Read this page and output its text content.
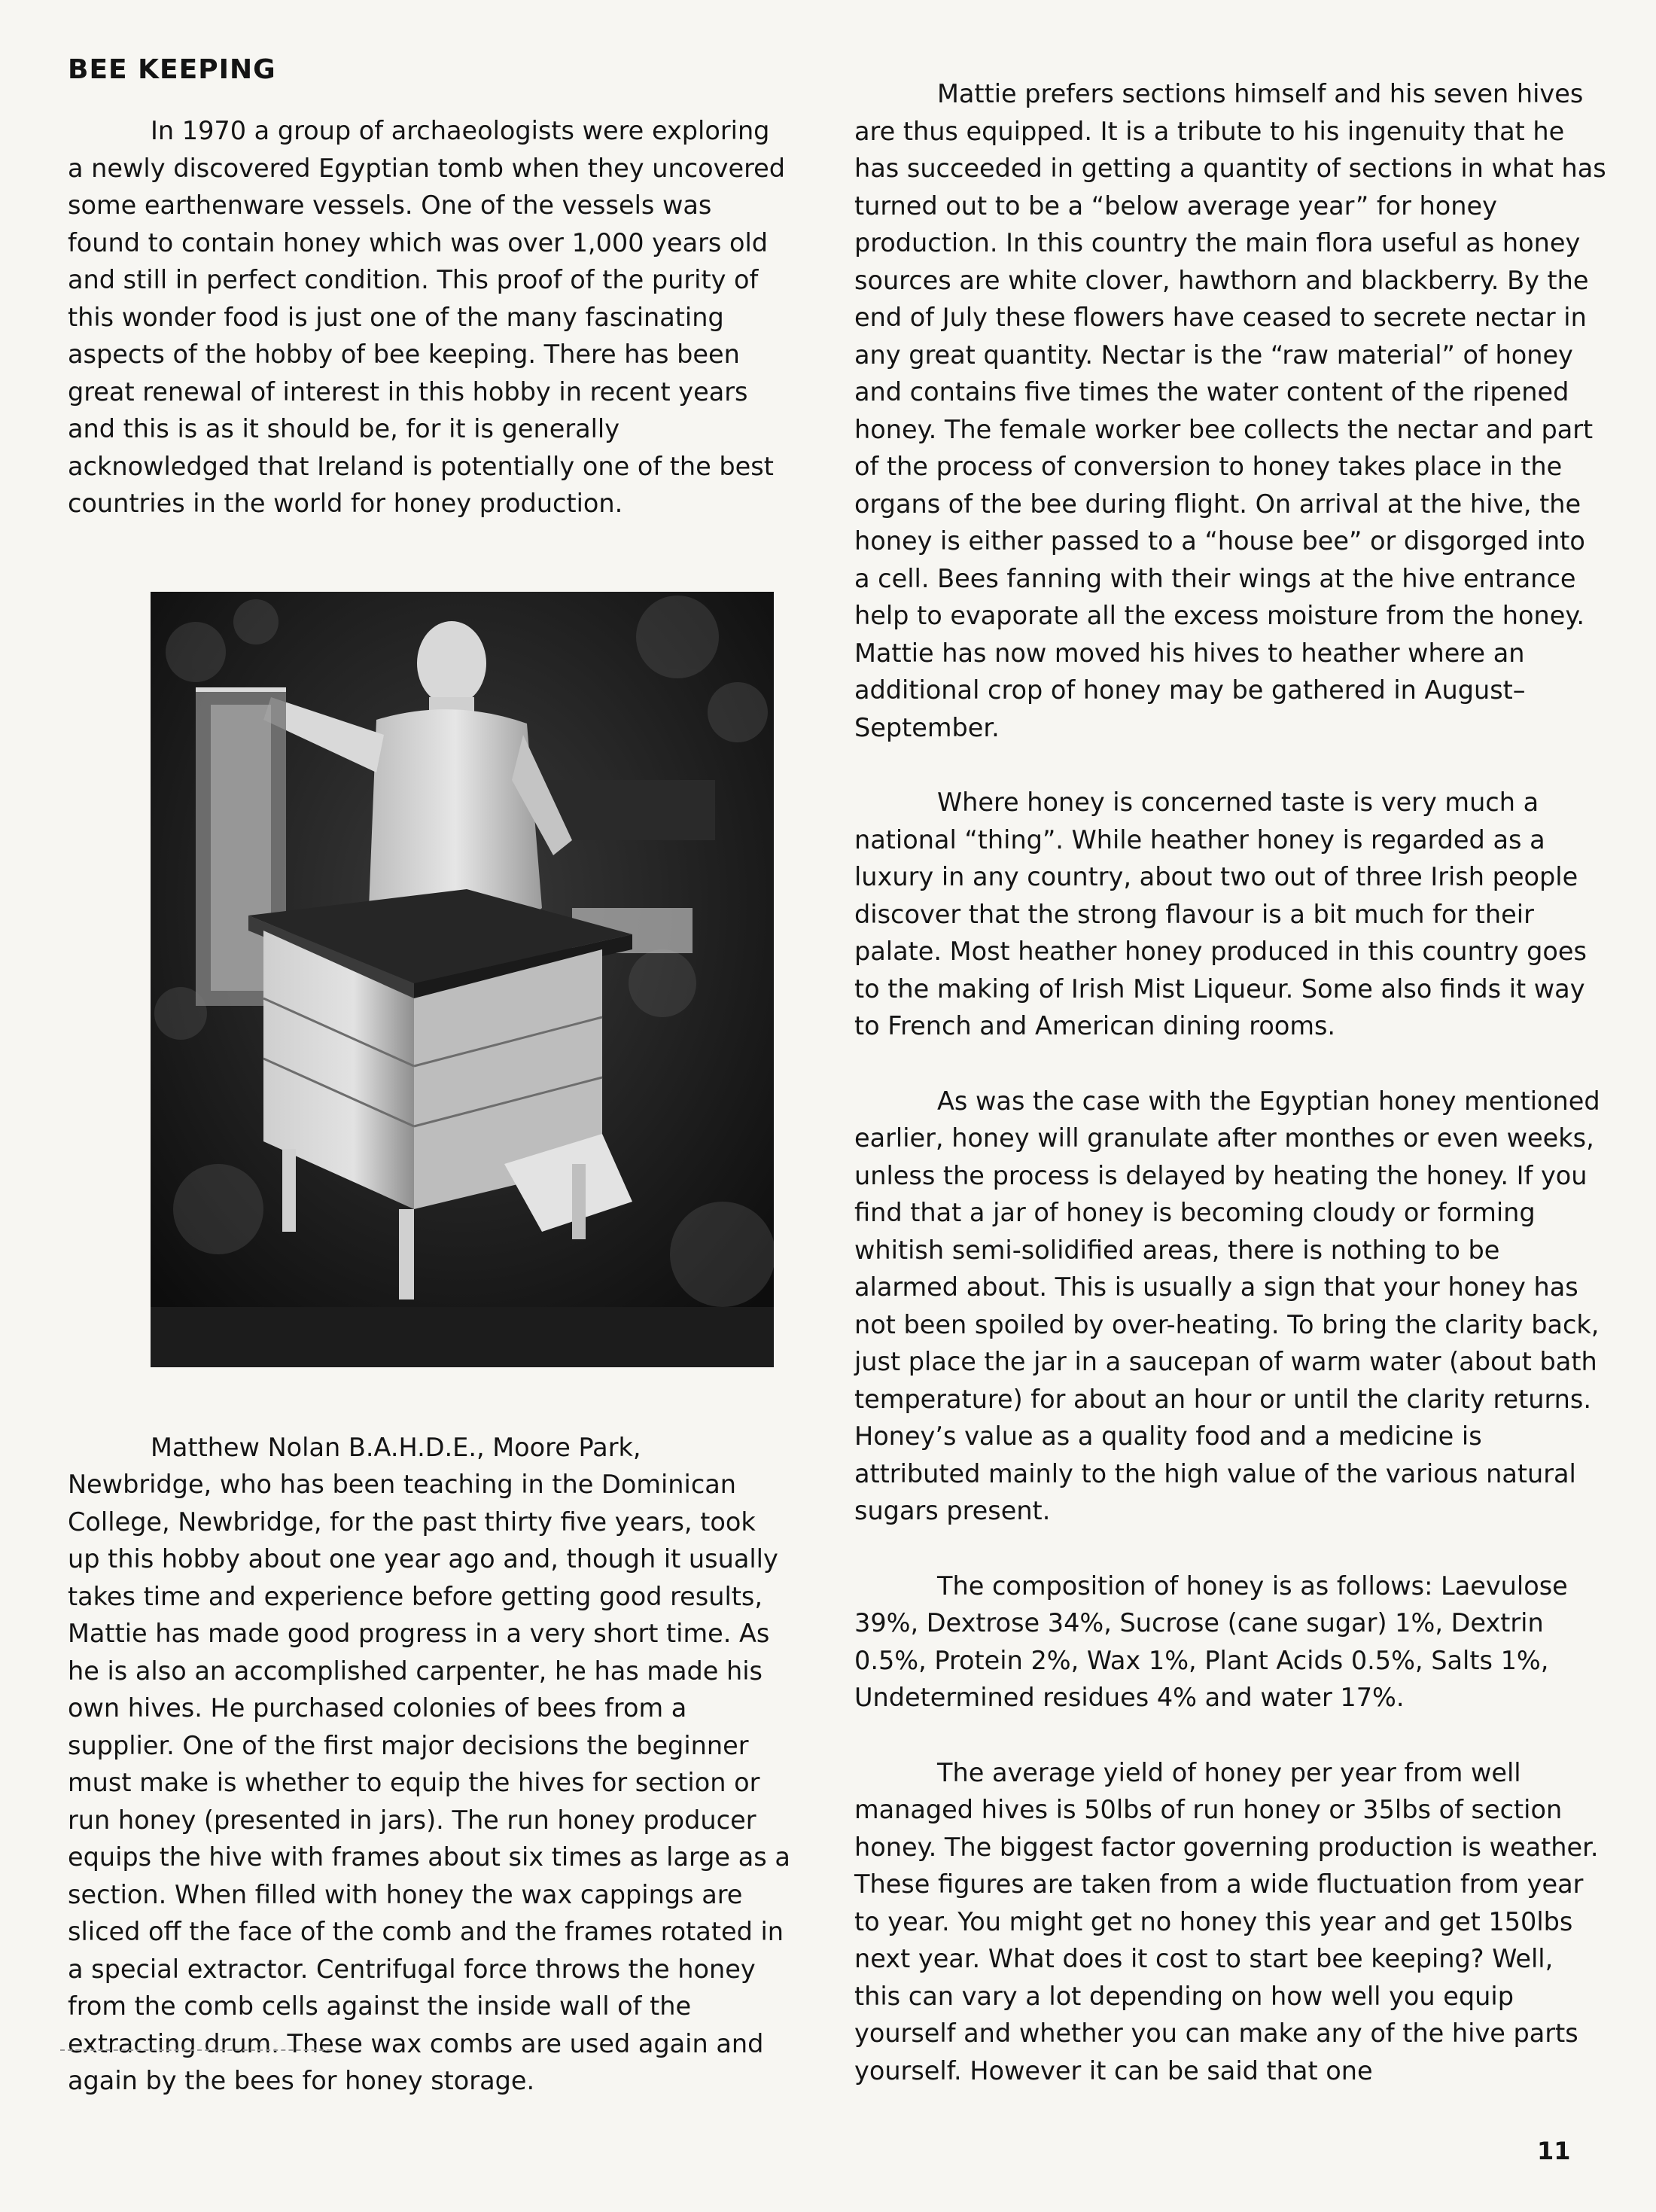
BEE KEEPING

In 1970 a group of archaeologists were exploring a newly discovered Egyptian tomb when they uncovered some earthenware vessels. One of the vessels was found to contain honey which was over 1,000 years old and still in perfect condition. This proof of the purity of this wonder food is just one of the many fascinating aspects of the hobby of bee keeping. There has been great renewal of interest in this hobby in recent years and this is as it should be, for it is generally acknowledged that Ireland is potentially one of the best countries in the world for honey production.

Matthew Nolan B.A.H.D.E., Moore Park, Newbridge, who has been teaching in the Dominican College, Newbridge, for the past thirty five years, took up this hobby about one year ago and, though it usually takes time and experience before getting good results, Mattie has made good progress in a very short time. As he is also an accomplished carpenter, he has made his own hives. He purchased colonies of bees from a supplier. One of the first major decisions the beginner must make is whether to equip the hives for section or run honey (presented in jars). The run honey producer equips the hive with frames about six times as large as a section. When filled with honey the wax cappings are sliced off the face of the comb and the frames rotated in a special extractor. Centrifugal force throws the honey from the comb cells against the inside wall of the extracting drum. These wax combs are used again and again by the bees for honey storage.

Mattie prefers sections himself and his seven hives are thus equipped. It is a tribute to his ingenuity that he has succeeded in getting a quantity of sections in what has turned out to be a “below average year” for honey production. In this country the main flora useful as honey sources are white clover, hawthorn and blackberry. By the end of July these flowers have ceased to secrete nectar in any great quantity. Nectar is the “raw material” of honey and contains five times the water content of the ripened honey. The female worker bee collects the nectar and part of the process of conversion to honey takes place in the organs of the bee during flight. On arrival at the hive, the honey is either passed to a “house bee” or disgorged into a cell. Bees fanning with their wings at the hive entrance help to evaporate all the excess moisture from the honey. Mattie has now moved his hives to heather where an additional crop of honey may be gathered in August–September.

Where honey is concerned taste is very much a national “thing”. While heather honey is regarded as a luxury in any country, about two out of three Irish people discover that the strong flavour is a bit much for their palate. Most heather honey produced in this country goes to the making of Irish Mist Liqueur. Some also finds it way to French and American dining rooms.

As was the case with the Egyptian honey mentioned earlier, honey will granulate after monthes or even weeks, unless the process is delayed by heating the honey. If you find that a jar of honey is becoming cloudy or forming whitish semi-solidified areas, there is nothing to be alarmed about. This is usually a sign that your honey has not been spoiled by over-heating. To bring the clarity back, just place the jar in a saucepan of warm water (about bath temperature) for about an hour or until the clarity returns. Honey’s value as a quality food and a medicine is attributed mainly to the high value of the various natural sugars present.

The composition of honey is as follows: Laevulose 39%, Dextrose 34%, Sucrose (cane sugar) 1%, Dextrin 0.5%, Protein 2%, Wax 1%, Plant Acids 0.5%, Salts 1%, Undetermined residues 4% and water 17%.

The average yield of honey per year from well managed hives is 50lbs of run honey or 35lbs of section honey. The biggest factor governing production is weather. These figures are taken from a wide fluctuation from year to year. You might get no honey this year and get 150lbs next year. What does it cost to start bee keeping? Well, this can vary a lot depending on how well you equip yourself and whether you can make any of the hive parts yourself. However it can be said that one

11
